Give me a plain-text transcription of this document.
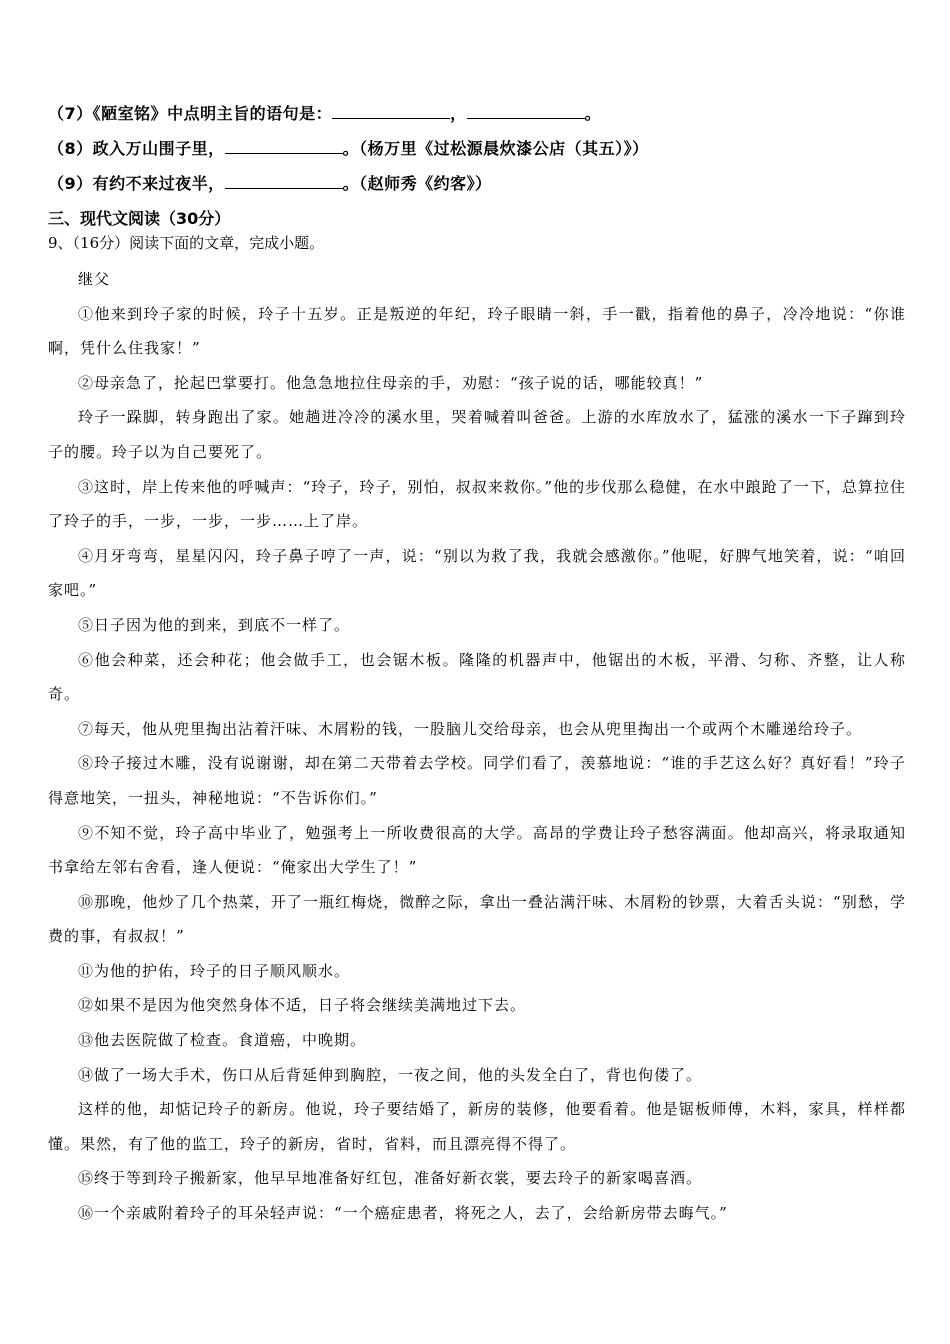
（7）《陋室铭》中点明主旨的语句是：	，	。
（8）政入万山围子里，	。（杨万里《过松源晨炊漆公店（其五）》）
（9）有约不来过夜半，	。（赵师秀《约客》）
三、现代文阅读（30分）
9、（16分）阅读下面的文章，完成小题。

继父

①他来到玲子家的时候，玲子十五岁。正是叛逆的年纪，玲子眼睛一斜，手一戳，指着他的鼻子，冷冷地说：“你谁啊，凭什么住我家！”

②母亲急了，抡起巴掌要打。他急急地拉住母亲的手，劝慰：“孩子说的话，哪能较真！”

玲子一跺脚，转身跑出了家。她趟进冷冷的溪水里，哭着喊着叫爸爸。上游的水库放水了，猛涨的溪水一下子蹿到玲子的腰。玲子以为自己要死了。

③这时，岸上传来他的呼喊声：“玲子，玲子，别怕，叔叔来救你。”他的步伐那么稳健，在水中踉跄了一下，总算拉住了玲子的手，一步，一步，一步……上了岸。

④月牙弯弯，星星闪闪，玲子鼻子哼了一声，说：“别以为救了我，我就会感激你。”他呢，好脾气地笑着，说：“咱回家吧。”

⑤日子因为他的到来，到底不一样了。

⑥他会种菜，还会种花；他会做手工，也会锯木板。隆隆的机器声中，他锯出的木板，平滑、匀称、齐整，让人称奇。

⑦每天，他从兜里掏出沾着汗味、木屑粉的钱，一股脑儿交给母亲，也会从兜里掏出一个或两个木雕递给玲子。

⑧玲子接过木雕，没有说谢谢，却在第二天带着去学校。同学们看了，羡慕地说：“谁的手艺这么好？真好看！”玲子得意地笑，一扭头，神秘地说：“不告诉你们。”

⑨不知不觉，玲子高中毕业了，勉强考上一所收费很高的大学。高昂的学费让玲子愁容满面。他却高兴，将录取通知书拿给左邻右舍看，逢人便说：“俺家出大学生了！”

⑩那晚，他炒了几个热菜，开了一瓶红梅烧，微醉之际，拿出一叠沾满汗味、木屑粉的钞票，大着舌头说：“别愁，学费的事，有叔叔！”

⑪为他的护佑，玲子的日子顺风顺水。

⑫如果不是因为他突然身体不适，日子将会继续美满地过下去。

⑬他去医院做了检查。食道癌，中晚期。

⑭做了一场大手术，伤口从后背延伸到胸腔，一夜之间，他的头发全白了，背也佝偻了。

这样的他，却惦记玲子的新房。他说，玲子要结婚了，新房的装修，他要看着。他是锯板师傅，木料，家具，样样都懂。果然，有了他的监工，玲子的新房，省时，省料，而且漂亮得不得了。

⑮终于等到玲子搬新家，他早早地准备好红包，准备好新衣裳，要去玲子的新家喝喜酒。

⑯一个亲戚附着玲子的耳朵轻声说：“一个癌症患者，将死之人，去了，会给新房带去晦气。”
